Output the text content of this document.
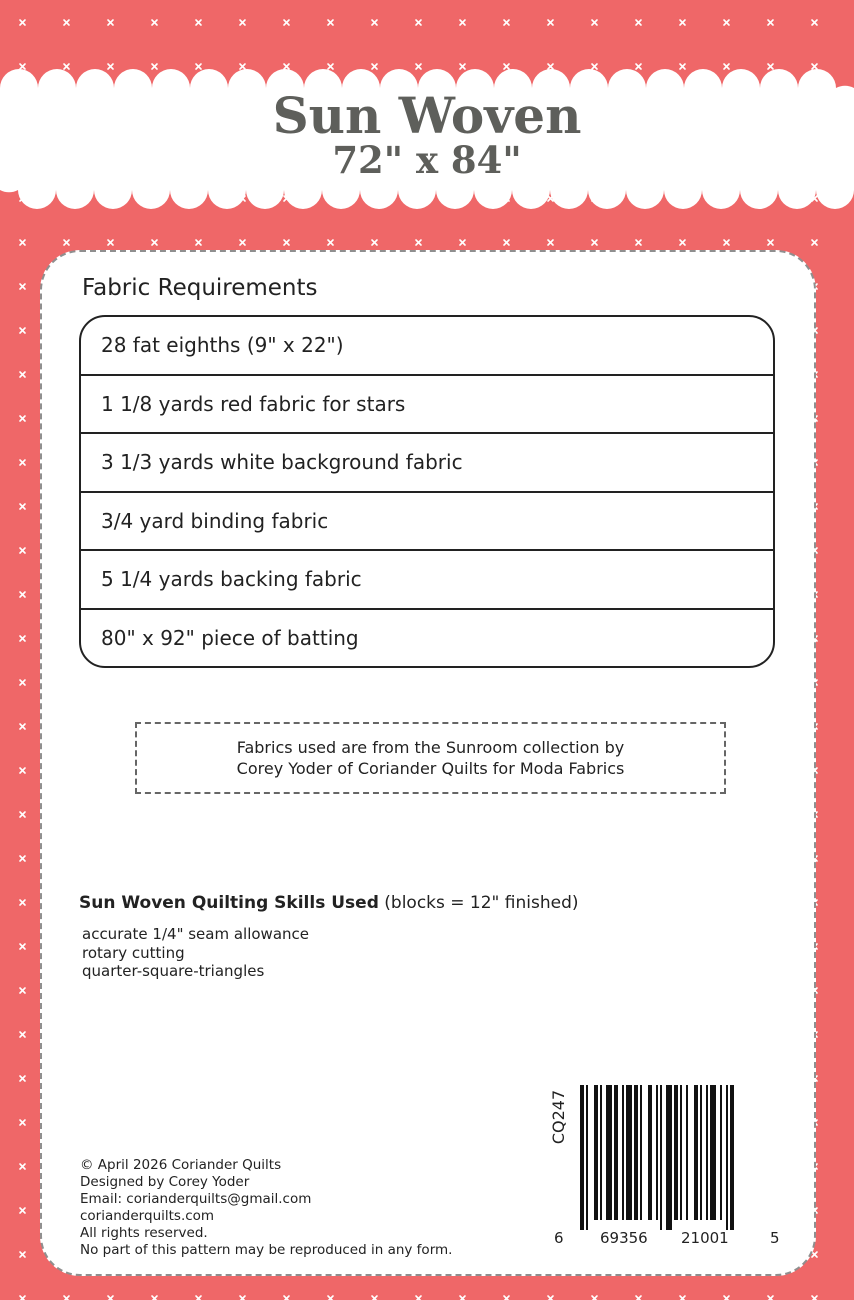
Sun Woven
72" x 84"
Fabric Requirements
28 fat eighths (9" x 22")
1 1/8 yards red fabric for stars
3 1/3 yards white background fabric
3/4 yard binding fabric
5 1/4 yards backing fabric
80" x 92" piece of batting
Fabrics used are from the Sunroom collection by
Corey Yoder of Coriander Quilts for Moda Fabrics
Sun Woven Quilting Skills Used (blocks = 12" finished)
accurate 1/4" seam allowance
rotary cutting
quarter-square-triangles
© April 2026 Coriander Quilts
Designed by Corey Yoder
Email: corianderquilts@gmail.com
corianderquilts.com
All rights reserved.
No part of this pattern may be reproduced in any form.
CQ247
6 69356 21001	5
